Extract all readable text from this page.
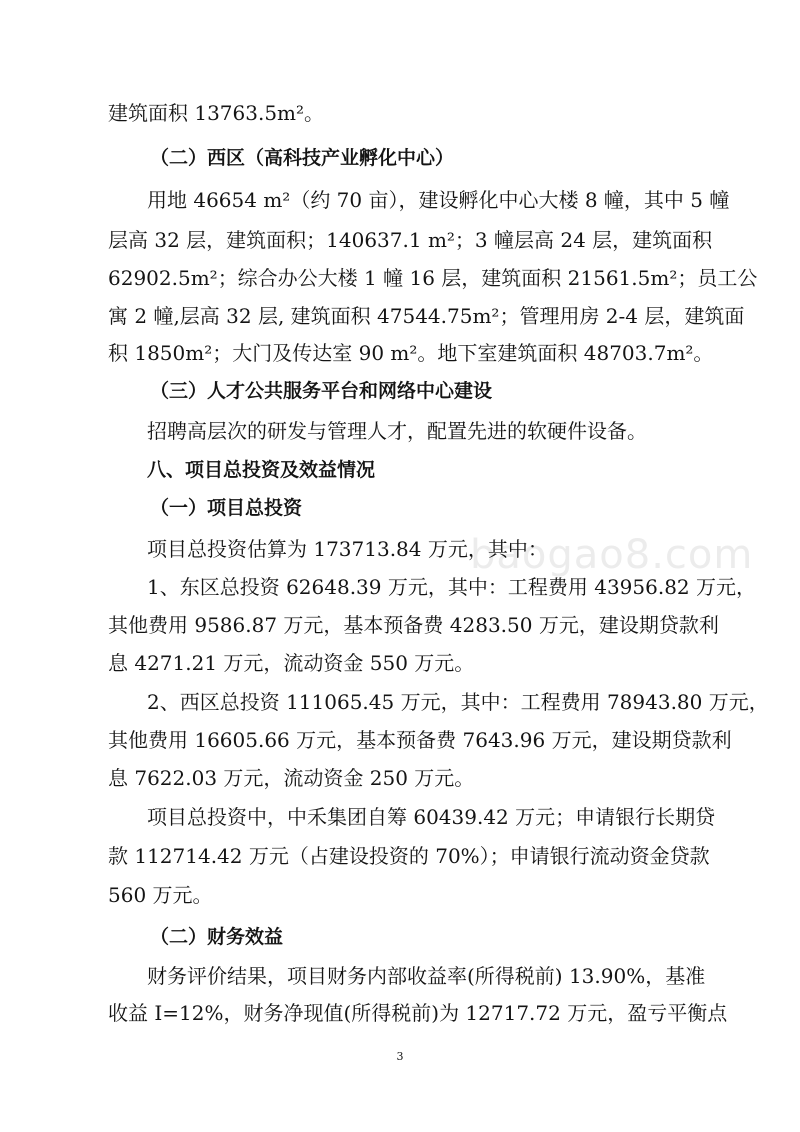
baogao8.com
建筑面积 13763.5m²。
（二）西区（高科技产业孵化中心）
用地 46654 m²（约 70 亩），建设孵化中心大楼 8 幢，其中 5 幢
层高 32 层，建筑面积；140637.1 m²；3 幢层高 24 层，建筑面积
62902.5m²；综合办公大楼 1 幢 16 层，建筑面积 21561.5m²；员工公
寓 2 幢,层高 32 层, 建筑面积 47544.75m²；管理用房 2-4 层，建筑面
积 1850m²；大门及传达室 90 m²。地下室建筑面积 48703.7m²。
（三）人才公共服务平台和网络中心建设
招聘高层次的研发与管理人才，配置先进的软硬件设备。
八、项目总投资及效益情况
（一）项目总投资
项目总投资估算为 173713.84 万元，其中：
1、东区总投资 62648.39 万元，其中：工程费用 43956.82 万元，
其他费用 9586.87 万元，基本预备费 4283.50 万元，建设期贷款利
息 4271.21 万元，流动资金 550 万元。
2、西区总投资 111065.45 万元，其中：工程费用 78943.80 万元，
其他费用 16605.66 万元，基本预备费 7643.96 万元，建设期贷款利
息 7622.03 万元，流动资金 250 万元。
项目总投资中，中禾集团自筹 60439.42 万元；申请银行长期贷
款 112714.42 万元（占建设投资的 70%）；申请银行流动资金贷款
560 万元。
（二）财务效益
财务评价结果，项目财务内部收益率(所得税前) 13.90%，基准
收益 I=12%，财务净现值(所得税前)为 12717.72 万元，盈亏平衡点
3
